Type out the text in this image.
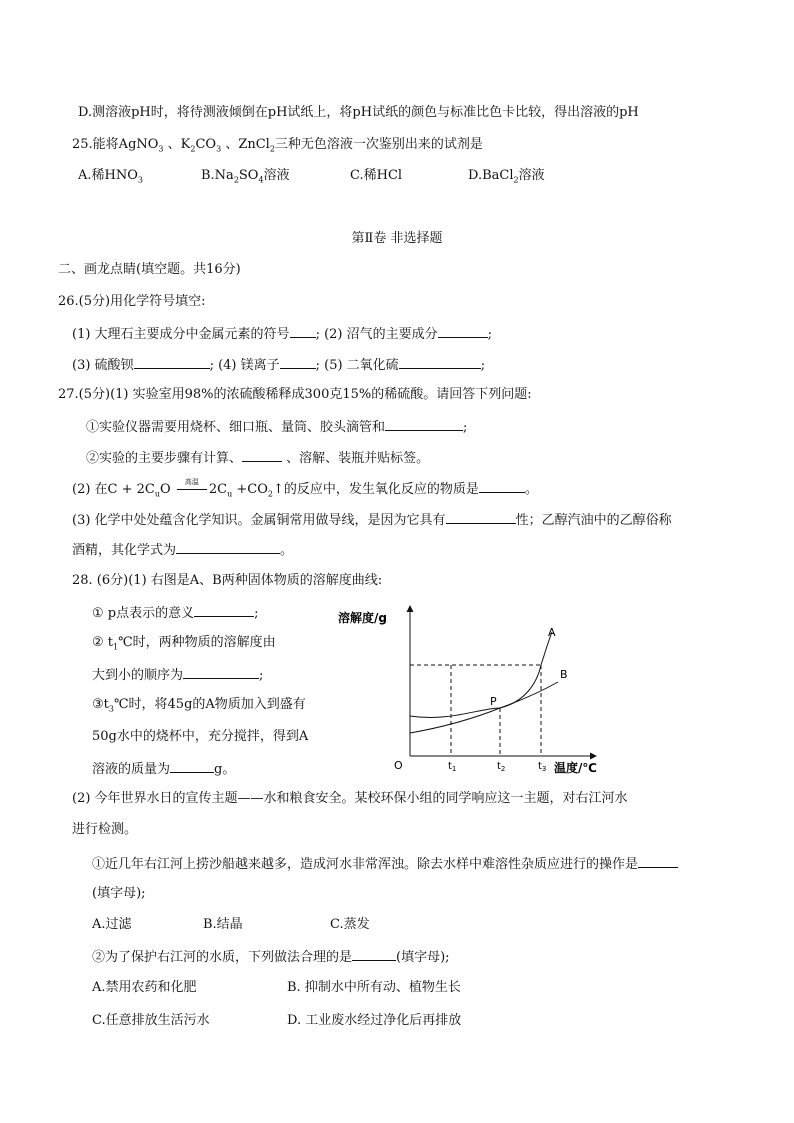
D.测溶液pH时，将待测液倾倒在pH试纸上，将pH试纸的颜色与标准比色卡比较，得出溶液的pH
25.能将AgNO$_3$ 、$K_2CO_3$ 、ZnCl$_2$三种无色溶液一次鉴别出来的试剂是
A.稀$HNO_3$	$B.Na_2SO_4$溶液	C.稀HCl	D.BaCl$_2$溶液
第Ⅱ卷 非选择题
二、画龙点睛(填空题。共16分)
26.(5分)用化学符号填空:
(1) 大理石主要成分中金属元素的符号 ; (2) 沼气的主要成分	;
(3) 硫酸钡	; (4) 镁离子	; (5) 二氧化硫	;
27.(5分)(1) 实验室用98%的浓硫酸稀释成300克15%的稀硫酸。请回答下列问题:
①实验仪器需要用烧杯、细口瓶、量筒、胶头滴管和	;
②实验的主要步骤有计算、	、溶解、装瓶并贴标签。
(2) 在$C + 2C_uO$	高温 $2C_u$ $+CO_2↑$的反应中，发生氧化反应的物质是	。
(3) 化学中处处蕴含化学知识。金属铜常用做导线，是因为它具有	性；乙醇汽油中的乙醇俗称
酒精，其化学式为	。
28. (6分)(1) 右图是A、B两种固体物质的溶解度曲线:
① p点表示的意义	;
② $t_1℃$时，两种物质的溶解度由
大到小的顺序为	;
$③t_3℃$时，将45g的A物质加入到盛有
50g水中的烧杯中，充分搅拌，得到A
溶液的质量为	g。
溶解度/g
温度/℃
O
A
B
P
$t_1$	$t_2$	$t_3$
(2) 今年世界水日的宣传主题——水和粮食安全。某校环保小组的同学响应这一主题，对右江河水
进行检测。
①近几年右江河上捞沙船越来越多，造成河水非常浑浊。除去水样中难溶性杂质应进行的操作是
(填字母);
A.过滤	B.结晶	C.蒸发
②为了保护右江河的水质，下列做法合理的是	(填字母);
A.禁用农药和化肥	B. 抑制水中所有动、植物生长
C.任意排放生活污水	D. 工业废水经过净化后再排放
